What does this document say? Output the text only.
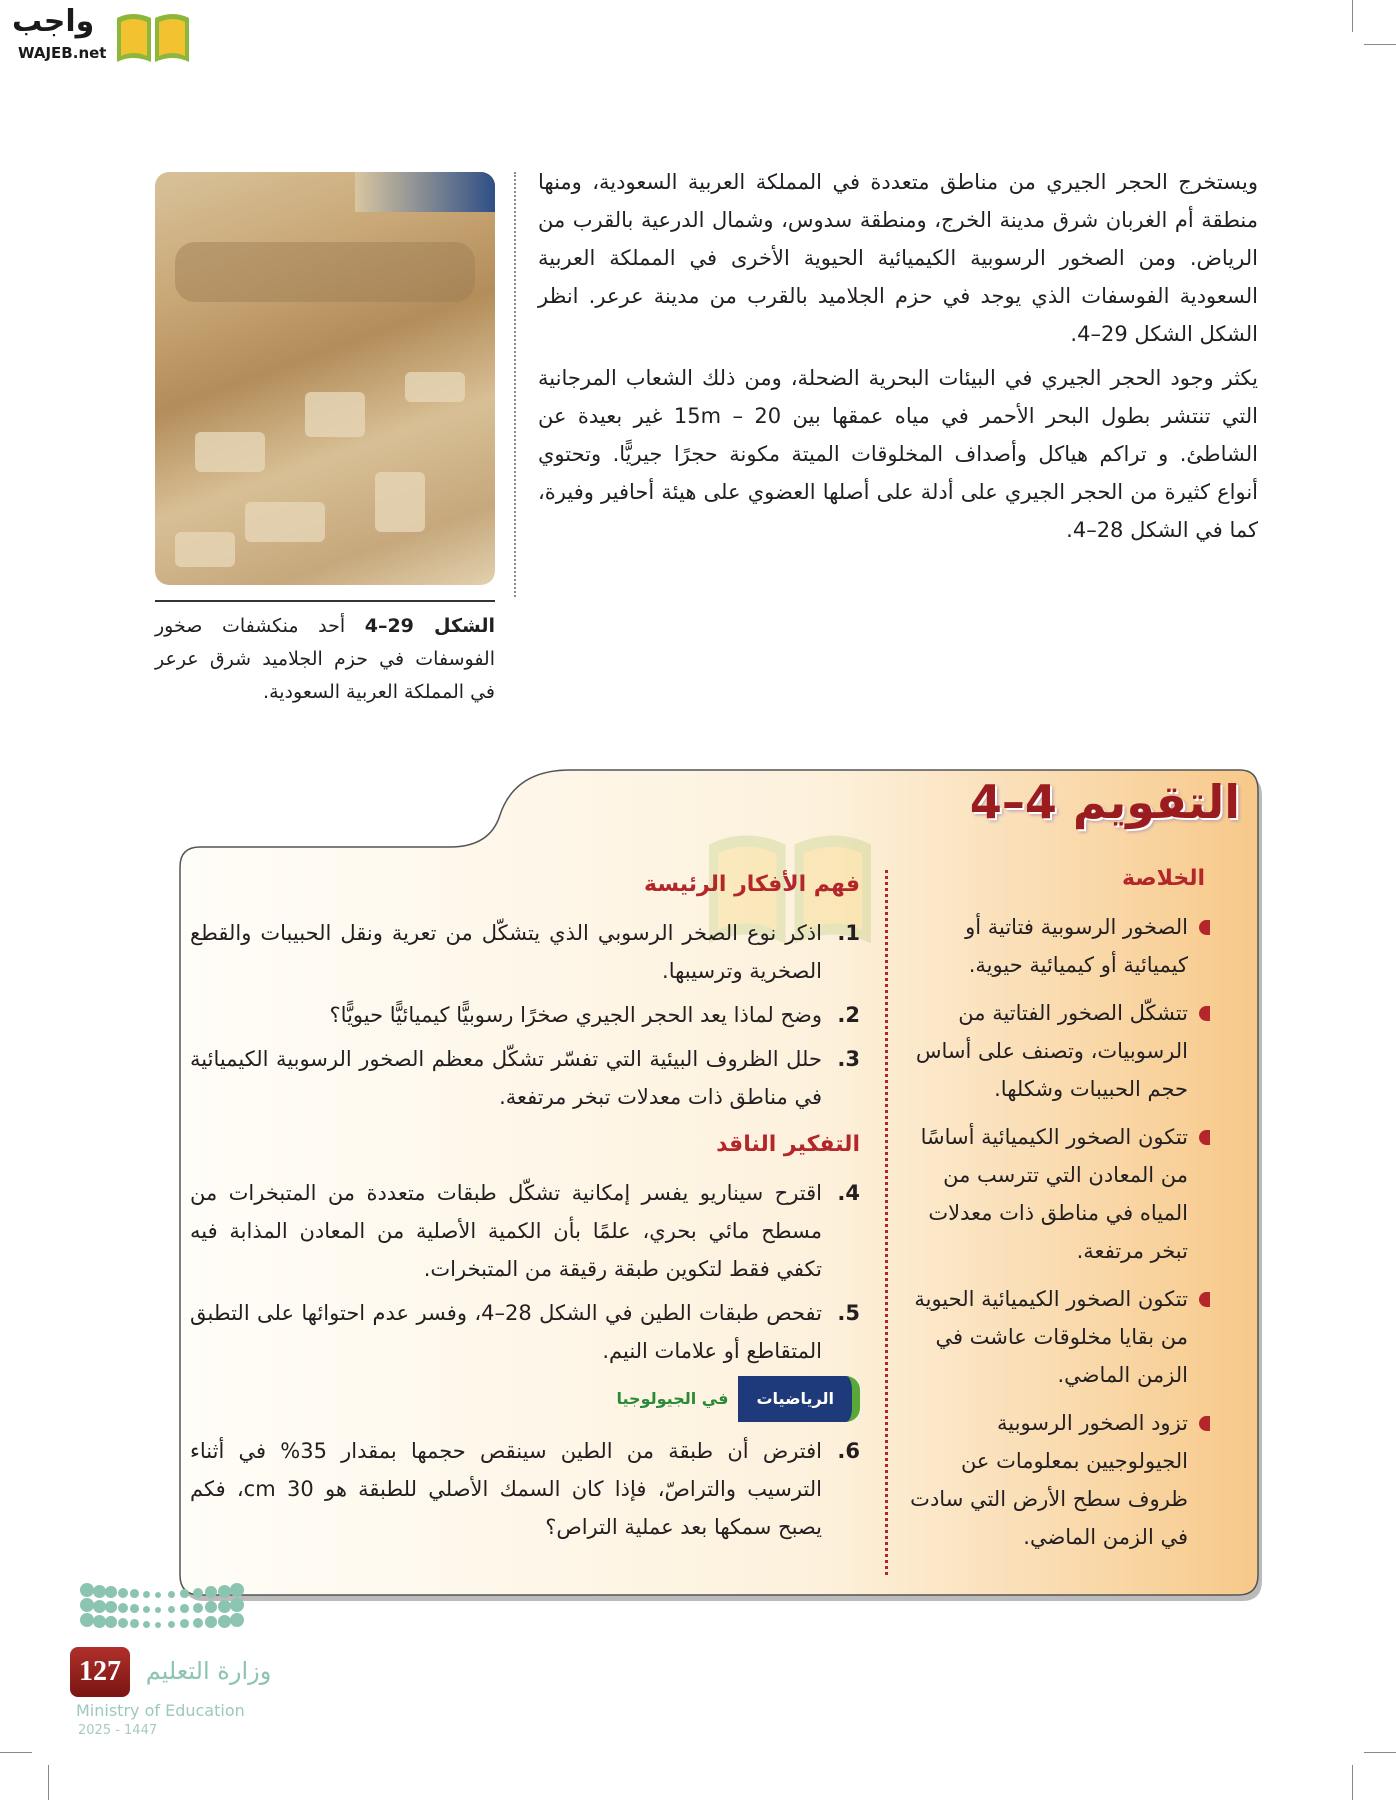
واجب
WAJEB.net

ويستخرج الحجر الجيري من مناطق متعددة في المملكة العربية السعودية، ومنها منطقة أم الغربان شرق مدينة الخرج، ومنطقة سدوس، وشمال الدرعية بالقرب من الرياض. ومن الصخور الرسوبية الكيميائية الحيوية الأخرى في المملكة العربية السعودية الفوسفات الذي يوجد في حزم الجلاميد بالقرب من مدينة عرعر. انظر الشكل الشكل 29–4.

يكثر وجود الحجر الجيري في البيئات البحرية الضحلة، ومن ذلك الشعاب المرجانية التي تنتشر بطول البحر الأحمر في مياه عمقها بين 15m – 20 غير بعيدة عن الشاطئ. و تراكم هياكل وأصداف المخلوقات الميتة مكونة حجرًا جيريًّا. وتحتوي أنواع كثيرة من الحجر الجيري على أدلة على أصلها العضوي على هيئة أحافير وفيرة، كما في الشكل 28–4.

الشكل 29–4 أحد منكشفات صخور الفوسفات في حزم الجلاميد شرق عرعر في المملكة العربية السعودية.
التقويم 4–4
الخلاصة
الصخور الرسوبية فتاتية أو كيميائية أو كيميائية حيوية.
تتشكّل الصخور الفتاتية من الرسوبيات، وتصنف على أساس حجم الحبيبات وشكلها.
تتكون الصخور الكيميائية أساسًا من المعادن التي تترسب من المياه في مناطق ذات معدلات تبخر مرتفعة.
تتكون الصخور الكيميائية الحيوية من بقايا مخلوقات عاشت في الزمن الماضي.
تزود الصخور الرسوبية الجيولوجيين بمعلومات عن ظروف سطح الأرض التي سادت في الزمن الماضي.
فهم الأفكار الرئيسة
1.
اذكر نوع الصخر الرسوبي الذي يتشكّل من تعرية ونقل الحبيبات والقطع الصخرية وترسيبها.
2.
وضح لماذا يعد الحجر الجيري صخرًا رسوبيًّا كيميائيًّا حيويًّا؟
3.
حلل الظروف البيئية التي تفسّر تشكّل معظم الصخور الرسوبية الكيميائية في مناطق ذات معدلات تبخر مرتفعة.
التفكير الناقد
4.
اقترح سيناريو يفسر إمكانية تشكّل طبقات متعددة من المتبخرات من مسطح مائي بحري، علمًا بأن الكمية الأصلية من المعادن المذابة فيه تكفي فقط لتكوين طبقة رقيقة من المتبخرات.
5.
تفحص طبقات الطين في الشكل 28–4، وفسر عدم احتوائها على التطبق المتقاطع أو علامات النيم.
الرياضيات
في الجيولوجيا
6.
افترض أن طبقة من الطين سينقص حجمها بمقدار 35% في أثناء الترسيب والتراصّ، فإذا كان السمك الأصلي للطبقة هو 30 cm، فكم يصبح سمكها بعد عملية التراص؟
127	وزارة التعليم
Ministry of Education
2025 - 1447
